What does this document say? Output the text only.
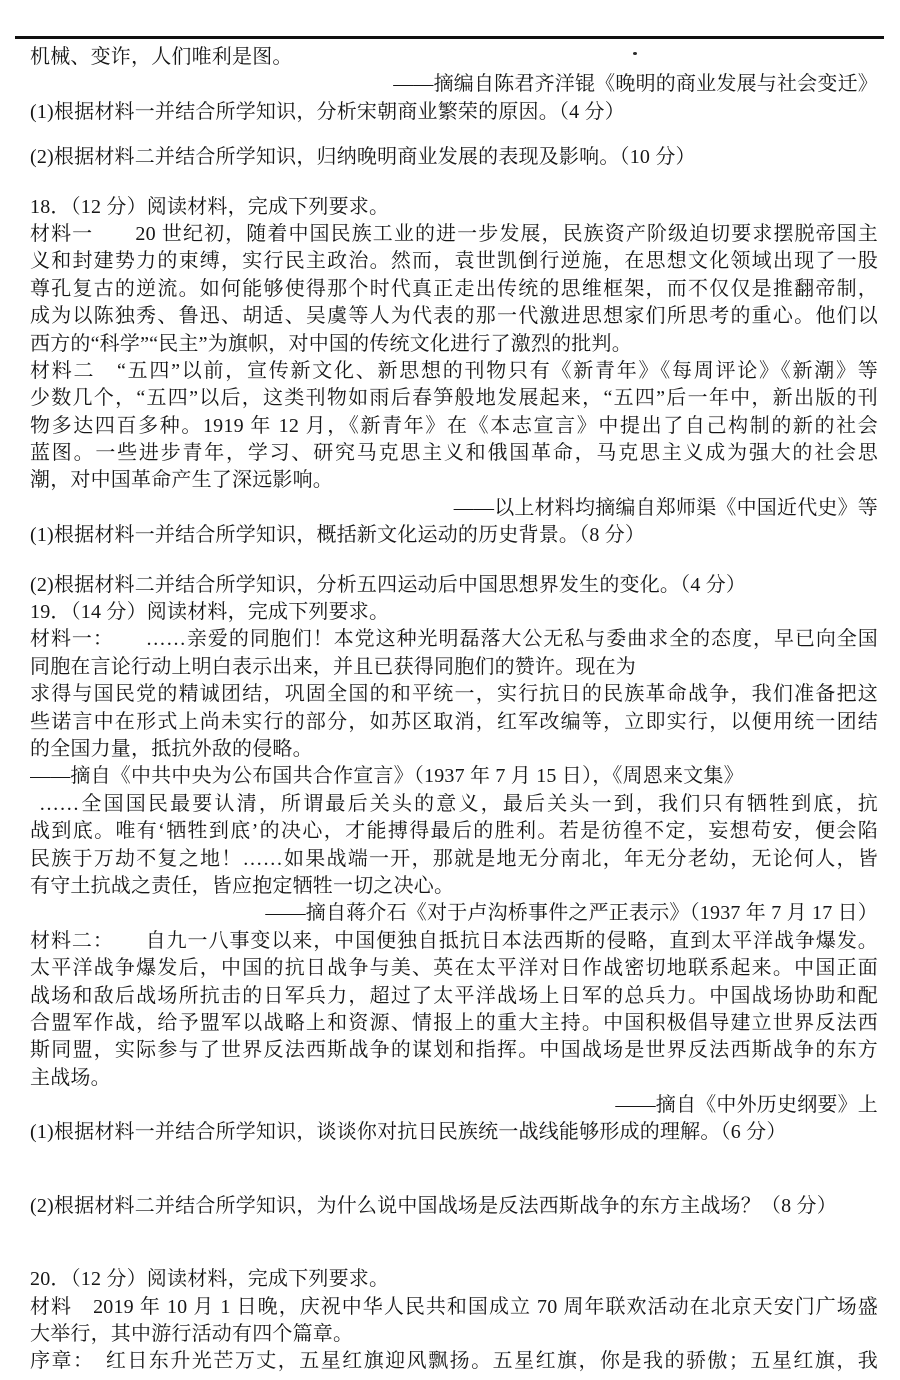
机械、变诈，人们唯利是图。

——摘编自陈君齐洋锟《晚明的商业发展与社会变迁》

(1)根据材料一并结合所学知识，分析宋朝商业繁荣的原因。（4 分）

(2)根据材料二并结合所学知识，归纳晚明商业发展的表现及影响。（10 分）

18．（12 分）阅读材料，完成下列要求。

材料一　　20 世纪初，随着中国民族工业的进一步发展，民族资产阶级迫切要求摆脱帝国主

义和封建势力的束缚，实行民主政治。然而，袁世凯倒行逆施，在思想文化领域出现了一股

尊孔复古的逆流。如何能够使得那个时代真正走出传统的思维框架，而不仅仅是推翻帝制，

成为以陈独秀、鲁迅、胡适、吴虞等人为代表的那一代激进思想家们所思考的重心。他们以

西方的“科学”“民主”为旗帜，对中国的传统文化进行了激烈的批判。

材料二　“五四”以前，宣传新文化、新思想的刊物只有《新青年》《每周评论》《新潮》等

少数几个，“五四”以后，这类刊物如雨后春笋般地发展起来，“五四”后一年中，新出版的刊

物多达四百多种。1919 年 12 月，《新青年》在《本志宣言》中提出了自己构制的新的社会

蓝图。一些进步青年，学习、研究马克思主义和俄国革命，马克思主义成为强大的社会思

潮，对中国革命产生了深远影响。

——以上材料均摘编自郑师渠《中国近代史》等

(1)根据材料一并结合所学知识，概括新文化运动的历史背景。（8 分）

(2)根据材料二并结合所学知识，分析五四运动后中国思想界发生的变化。（4 分）

19．（14 分）阅读材料，完成下列要求。

材料一：　　……亲爱的同胞们！本党这种光明磊落大公无私与委曲求全的态度，早已向全国

同胞在言论行动上明白表示出来，并且已获得同胞们的赞许。现在为

求得与国民党的精诚团结，巩固全国的和平统一，实行抗日的民族革命战争，我们准备把这

些诺言中在形式上尚未实行的部分，如苏区取消，红军改编等，立即实行，以便用统一团结

的全国力量，抵抗外敌的侵略。

——摘自《中共中央为公布国共合作宣言》（1937 年 7 月 15 日），《周恩来文集》

……全国国民最要认清，所谓最后关头的意义，最后关头一到，我们只有牺牲到底，抗

战到底。唯有‘牺牲到底’的决心，才能搏得最后的胜利。若是彷徨不定，妄想苟安，便会陷

民族于万劫不复之地！……如果战端一开，那就是地无分南北，年无分老幼，无论何人，皆

有守土抗战之责任，皆应抱定牺牲一切之决心。

——摘自蒋介石《对于卢沟桥事件之严正表示》（1937 年 7 月 17 日）

材料二：　　自九一八事变以来，中国便独自抵抗日本法西斯的侵略，直到太平洋战争爆发。

太平洋战争爆发后，中国的抗日战争与美、英在太平洋对日作战密切地联系起来。中国正面

战场和敌后战场所抗击的日军兵力，超过了太平洋战场上日军的总兵力。中国战场协助和配

合盟军作战，给予盟军以战略上和资源、情报上的重大主持。中国积极倡导建立世界反法西

斯同盟，实际参与了世界反法西斯战争的谋划和指挥。中国战场是世界反法西斯战争的东方

主战场。

——摘自《中外历史纲要》上

(1)根据材料一并结合所学知识，谈谈你对抗日民族统一战线能够形成的理解。（6 分）

(2)根据材料二并结合所学知识，为什么说中国战场是反法西斯战争的东方主战场？（8 分）

20．（12 分）阅读材料，完成下列要求。

材料　2019 年 10 月 1 日晚，庆祝中华人民共和国成立 70 周年联欢活动在北京天安门广场盛

大举行，其中游行活动有四个篇章。

序章：　红日东升光芒万丈，五星红旗迎风飘扬。五星红旗，你是我的骄傲；五星红旗，我
